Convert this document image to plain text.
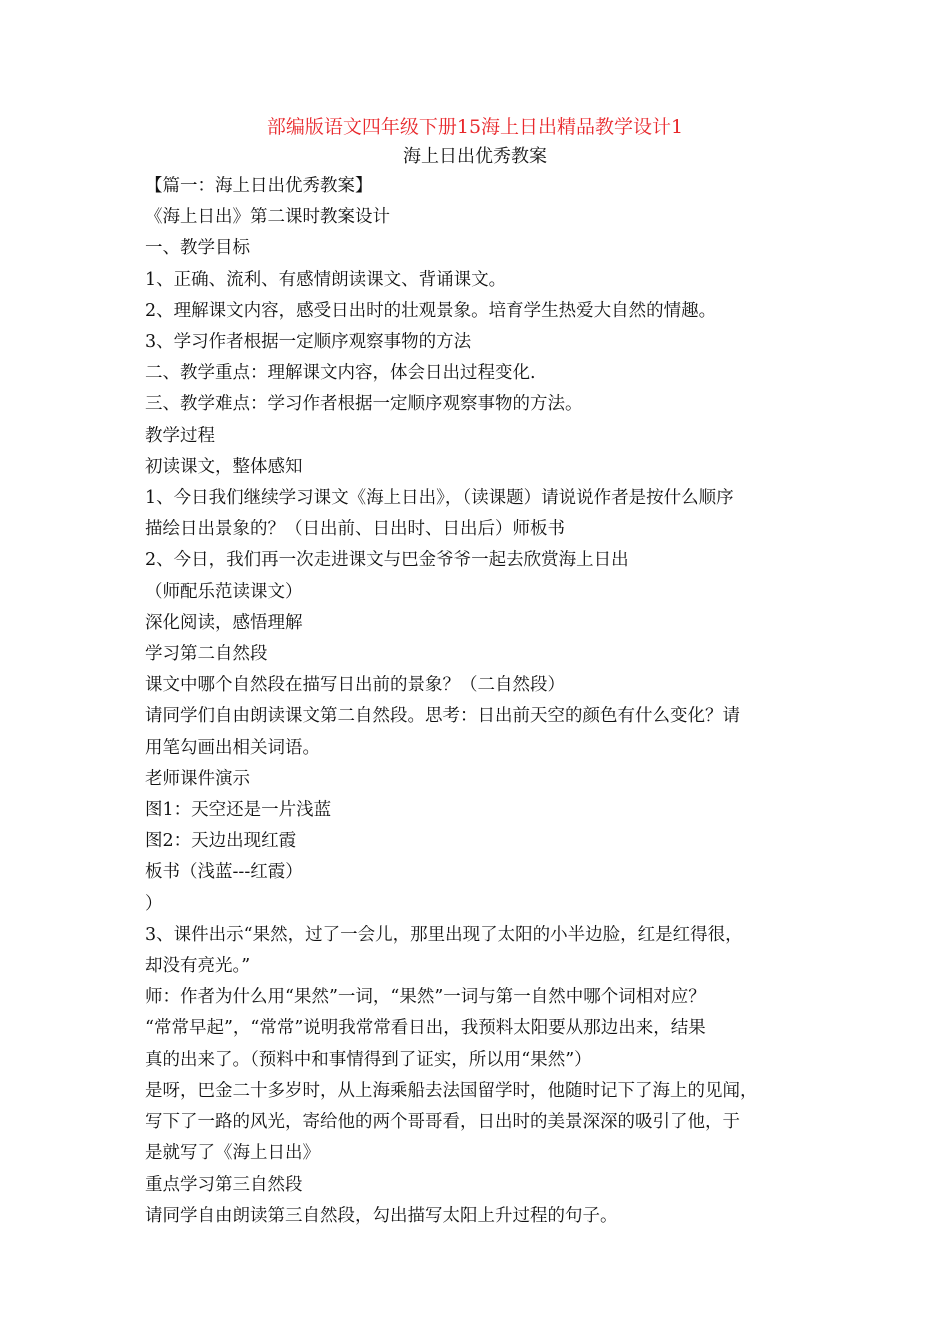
部编版语文四年级下册15海上日出精品教学设计1
海上日出优秀教案

【篇一：海上日出优秀教案】

《海上日出》第二课时教案设计

一、教学目标

1、正确、流利、有感情朗读课文、背诵课文。

2、理解课文内容，感受日出时的壮观景象。培育学生热爱大自然的情趣。

3、学习作者根据一定顺序观察事物的方法

二、教学重点：理解课文内容，体会日出过程变化.

三、教学难点：学习作者根据一定顺序观察事物的方法。

教学过程

初读课文，整体感知

1、今日我们继续学习课文《海上日出》，（读课题）请说说作者是按什么顺序

描绘日出景象的？（日出前、日出时、日出后）师板书

2、今日，我们再一次走进课文与巴金爷爷一起去欣赏海上日出

（师配乐范读课文）

深化阅读，感悟理解

学习第二自然段

课文中哪个自然段在描写日出前的景象？（二自然段）

请同学们自由朗读课文第二自然段。思考：日出前天空的颜色有什么变化？请

用笔勾画出相关词语。

老师课件演示

图1：天空还是一片浅蓝

图2：天边出现红霞

板书（浅蓝---红霞）

）

3、课件出示“果然，过了一会儿，那里出现了太阳的小半边脸，红是红得很，

却没有亮光。”

师：作者为什么用“果然”一词，“果然”一词与第一自然中哪个词相对应？

“常常早起”，“常常”说明我常常看日出，我预料太阳要从那边出来，结果

真的出来了。（预料中和事情得到了证实，所以用“果然”）

是呀，巴金二十多岁时，从上海乘船去法国留学时，他随时记下了海上的见闻，

写下了一路的风光，寄给他的两个哥哥看，日出时的美景深深的吸引了他，于

是就写了《海上日出》

重点学习第三自然段

请同学自由朗读第三自然段，勾出描写太阳上升过程的句子。
